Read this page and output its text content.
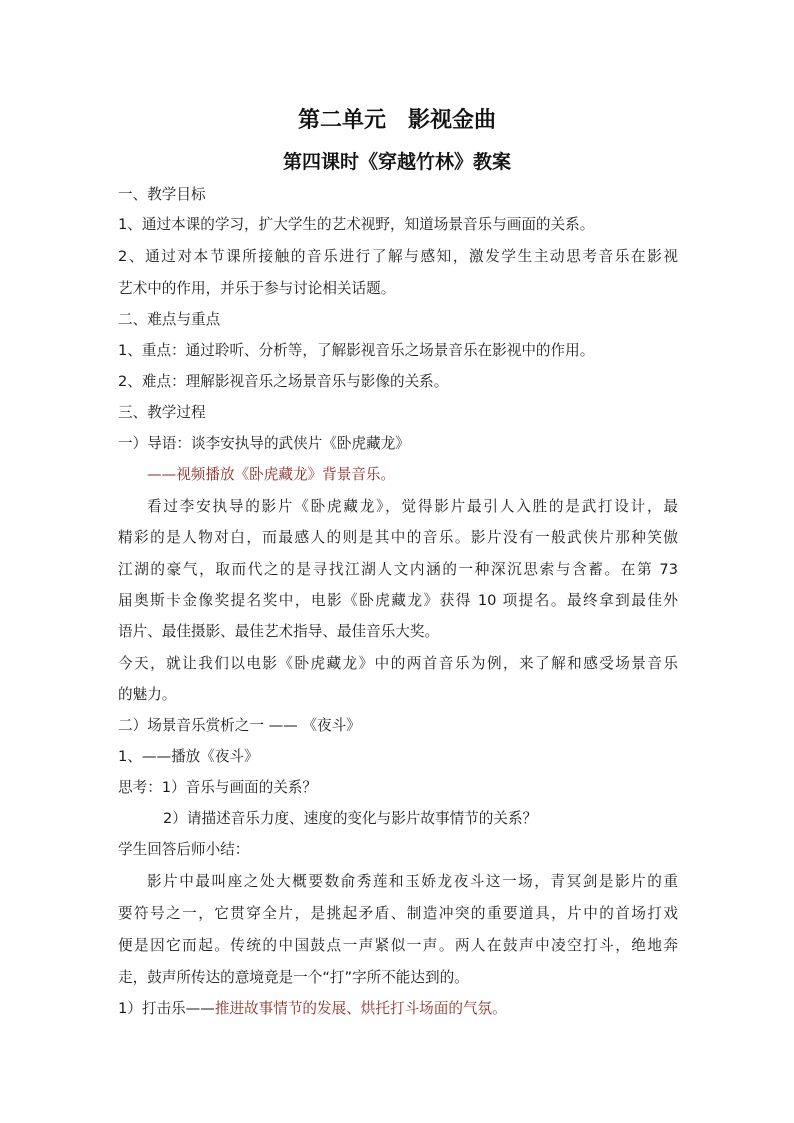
第二单元　影视金曲
第四课时《穿越竹林》教案
一、教学目标
1、通过本课的学习，扩大学生的艺术视野，知道场景音乐与画面的关系。
2、通过对本节课所接触的音乐进行了解与感知，激发学生主动思考音乐在影视
艺术中的作用，并乐于参与讨论相关话题。
二、难点与重点
1、重点：通过聆听、分析等，了解影视音乐之场景音乐在影视中的作用。
2、难点：理解影视音乐之场景音乐与影像的关系。
三、教学过程
一）导语：谈李安执导的武侠片《卧虎藏龙》
——视频播放《卧虎藏龙》背景音乐。
看过李安执导的影片《卧虎藏龙》，觉得影片最引人入胜的是武打设计，最
精彩的是人物对白，而最感人的则是其中的音乐。影片没有一般武侠片那种笑傲
江湖的豪气，取而代之的是寻找江湖人文内涵的一种深沉思索与含蓄。在第 73
届奥斯卡金像奖提名奖中，电影《卧虎藏龙》获得 10 项提名。最终拿到最佳外
语片、最佳摄影、最佳艺术指导、最佳音乐大奖。
今天，就让我们以电影《卧虎藏龙》中的两首音乐为例，来了解和感受场景音乐
的魅力。
二）场景音乐赏析之一 —— 《夜斗》
1、——播放《夜斗》
思考：1）音乐与画面的关系？
2）请描述音乐力度、速度的变化与影片故事情节的关系？
学生回答后师小结：
影片中最叫座之处大概要数俞秀莲和玉娇龙夜斗这一场，青冥剑是影片的重
要符号之一，它贯穿全片，是挑起矛盾、制造冲突的重要道具，片中的首场打戏
便是因它而起。传统的中国鼓点一声紧似一声。两人在鼓声中凌空打斗，绝地奔
走，鼓声所传达的意境竟是一个“打”字所不能达到的。
1）打击乐——推进故事情节的发展、烘托打斗场面的气氛。
